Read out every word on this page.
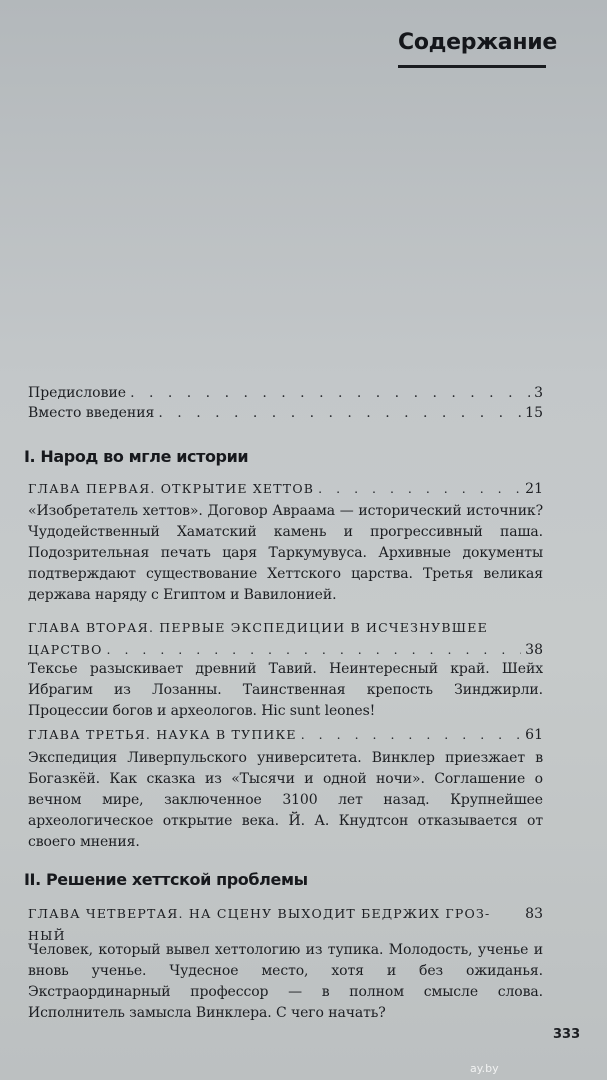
Содержание
Предисловие . . .	3
Вместо введения . . .	15
I. Народ во мгле истории
ГЛАВА ПЕРВАЯ. ОТКРЫТИЕ ХЕТТОВ . . .	21
«Изобретатель хеттов». Договор Авраама — исторический источник? Чудодейственный Хаматский камень и прогрессивный паша. Подозрительная печать царя Таркумувуса. Архивные документы подтверждают существование Хеттского царства. Третья великая держава наряду с Египтом и Вавилонией.
ГЛАВА ВТОРАЯ. ПЕРВЫЕ ЭКСПЕДИЦИИ В ИСЧЕЗНУВШЕЕ
ЦАРСТВО . . .	38
Тексье разыскивает древний Тавий. Неинтересный край. Шейх Ибрагим из Лозанны. Таинственная крепость Зинджирли. Процессии богов и археологов. Hic sunt leones!
ГЛАВА ТРЕТЬЯ. НАУКА В ТУПИКЕ . . .	61
Экспедиция Ливерпульского университета. Винклер приезжает в Богазкёй. Как сказка из «Тысячи и одной ночи». Соглашение о вечном мире, заключенное 3100 лет назад. Крупнейшее археологическое открытие века. Й. А. Кнудтсон отказывается от своего мнения.
II. Решение хеттской проблемы
ГЛАВА ЧЕТВЕРТАЯ. НА СЦЕНУ ВЫХОДИТ БЕДРЖИХ ГРОЗ- 83
НЫЙ
Человек, который вывел хеттологию из тупика. Молодость, ученье и вновь ученье. Чудесное место, хотя и без ожиданья. Экстраординарный профессор — в полном смысле слова. Исполнитель замысла Винклера. С чего начать?
333
ay.by
